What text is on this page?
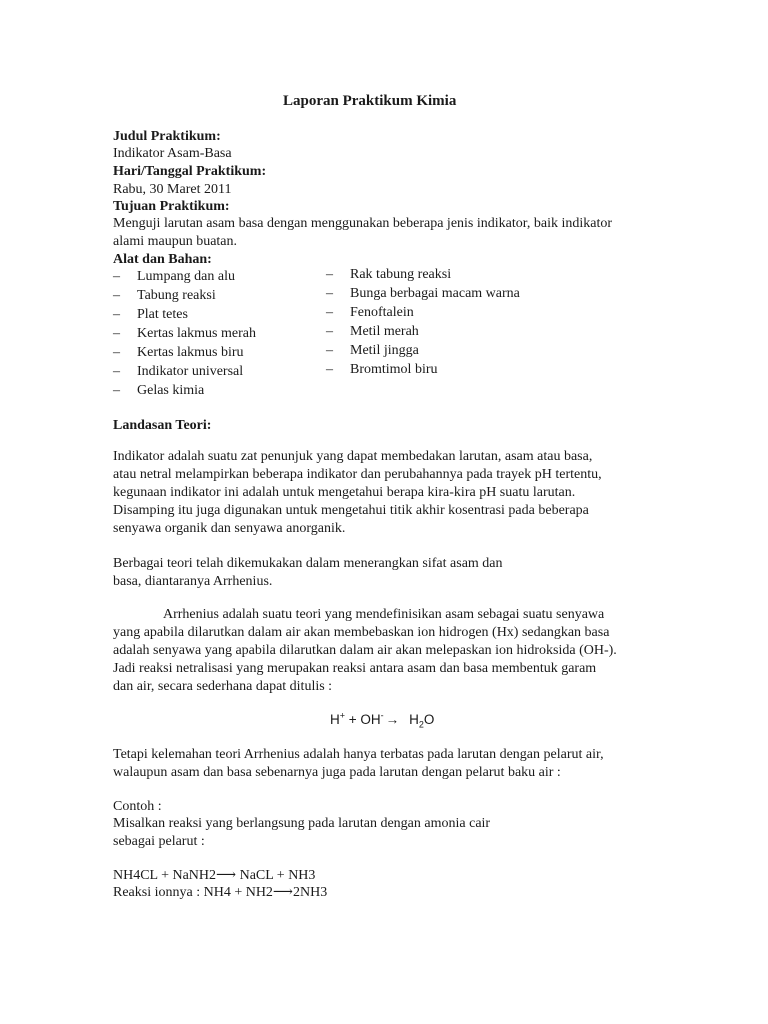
Laporan Praktikum Kimia
Judul Praktikum:
Indikator Asam-Basa
Hari/Tanggal Praktikum:
Rabu, 30 Maret 2011
Tujuan Praktikum:
Menguji larutan asam basa dengan menggunakan beberapa jenis indikator, baik indikator
alami maupun buatan.
Alat dan Bahan:
– Lumpang dan alu
– Tabung reaksi
– Plat tetes
– Kertas lakmus merah
– Kertas lakmus biru
– Indikator universal
– Gelas kimia
– Rak tabung reaksi
– Bunga berbagai macam warna
– Fenoftalein
– Metil merah
– Metil jingga
– Bromtimol biru
Landasan Teori:
Indikator adalah suatu zat penunjuk yang dapat membedakan larutan, asam atau basa,
atau netral melampirkan beberapa indikator dan perubahannya pada trayek pH tertentu,
kegunaan indikator ini adalah untuk mengetahui berapa kira-kira pH suatu larutan.
Disamping itu juga digunakan untuk mengetahui titik akhir kosentrasi pada beberapa
senyawa organik dan senyawa anorganik.
Berbagai teori telah dikemukakan dalam menerangkan sifat asam dan
basa, diantaranya Arrhenius.
Arrhenius adalah suatu teori yang mendefinisikan asam sebagai suatu senyawa
yang apabila dilarutkan dalam air akan membebaskan ion hidrogen (Hx) sedangkan basa
adalah senyawa yang apabila dilarutkan dalam air akan melepaskan ion hidroksida (OH-).
Jadi reaksi netralisasi yang merupakan reaksi antara asam dan basa membentuk garam
dan air, secara sederhana dapat ditulis :
$H^+ + OH^- \to H_2O$
Tetapi kelemahan teori Arrhenius adalah hanya terbatas pada larutan dengan pelarut air,
walaupun asam dan basa sebenarnya juga pada larutan dengan pelarut baku air :
Contoh :
Misalkan reaksi yang berlangsung pada larutan dengan amonia cair
sebagai pelarut :
NH4CL + NaNH2⟶ NaCL + NH3
Reaksi ionnya : NH4 + NH2⟶2NH3
